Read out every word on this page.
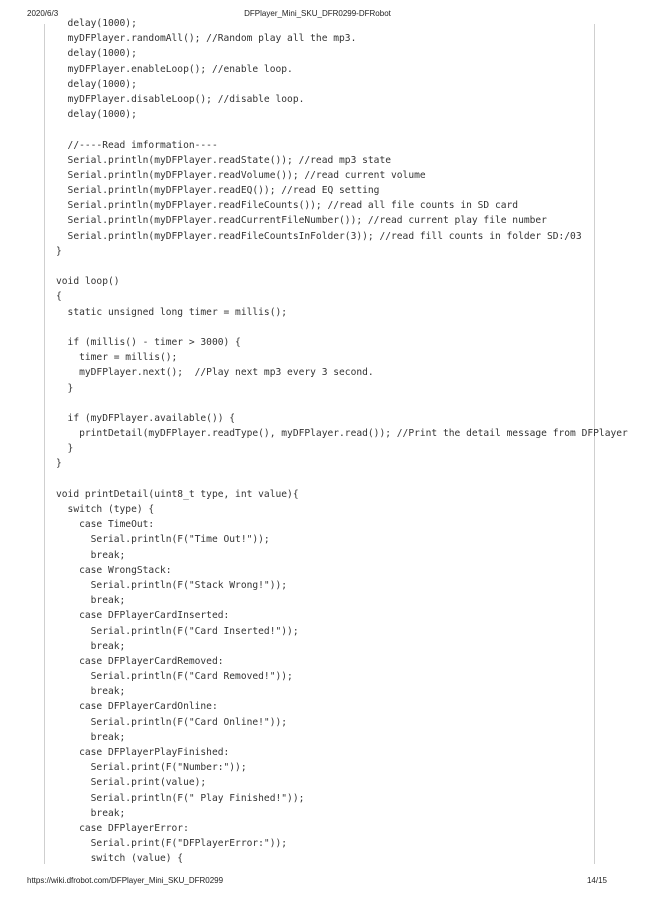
DFPlayer_Mini_SKU_DFR0299-DFRobot
2020/6/3
delay(1000);
myDFPlayer.randomAll(); //Random play all the mp3.
delay(1000);
myDFPlayer.enableLoop(); //enable loop.
delay(1000);
myDFPlayer.disableLoop(); //disable loop.
delay(1000);
//----Read imformation----
Serial.println(myDFPlayer.readState()); //read mp3 state
Serial.println(myDFPlayer.readVolume()); //read current volume
Serial.println(myDFPlayer.readEQ()); //read EQ setting
Serial.println(myDFPlayer.readFileCounts()); //read all file counts in SD card
Serial.println(myDFPlayer.readCurrentFileNumber()); //read current play file number
Serial.println(myDFPlayer.readFileCountsInFolder(3)); //read fill counts in folder SD:/03
}
void loop()
{
static unsigned long timer = millis();
if (millis() - timer > 3000) {
timer = millis();
myDFPlayer.next();  //Play next mp3 every 3 second.
}
if (myDFPlayer.available()) {
printDetail(myDFPlayer.readType(), myDFPlayer.read()); //Print the detail message from DFPlayer
}
}
void printDetail(uint8_t type, int value){
switch (type) {
case TimeOut:
Serial.println(F("Time Out!"));
break;
case WrongStack:
Serial.println(F("Stack Wrong!"));
break;
case DFPlayerCardInserted:
Serial.println(F("Card Inserted!"));
break;
case DFPlayerCardRemoved:
Serial.println(F("Card Removed!"));
break;
case DFPlayerCardOnline:
Serial.println(F("Card Online!"));
break;
case DFPlayerPlayFinished:
Serial.print(F("Number:"));
Serial.print(value);
Serial.println(F(" Play Finished!"));
break;
case DFPlayerError:
Serial.print(F("DFPlayerError:"));
switch (value) {
https://wiki.dfrobot.com/DFPlayer_Mini_SKU_DFR0299	14/15
